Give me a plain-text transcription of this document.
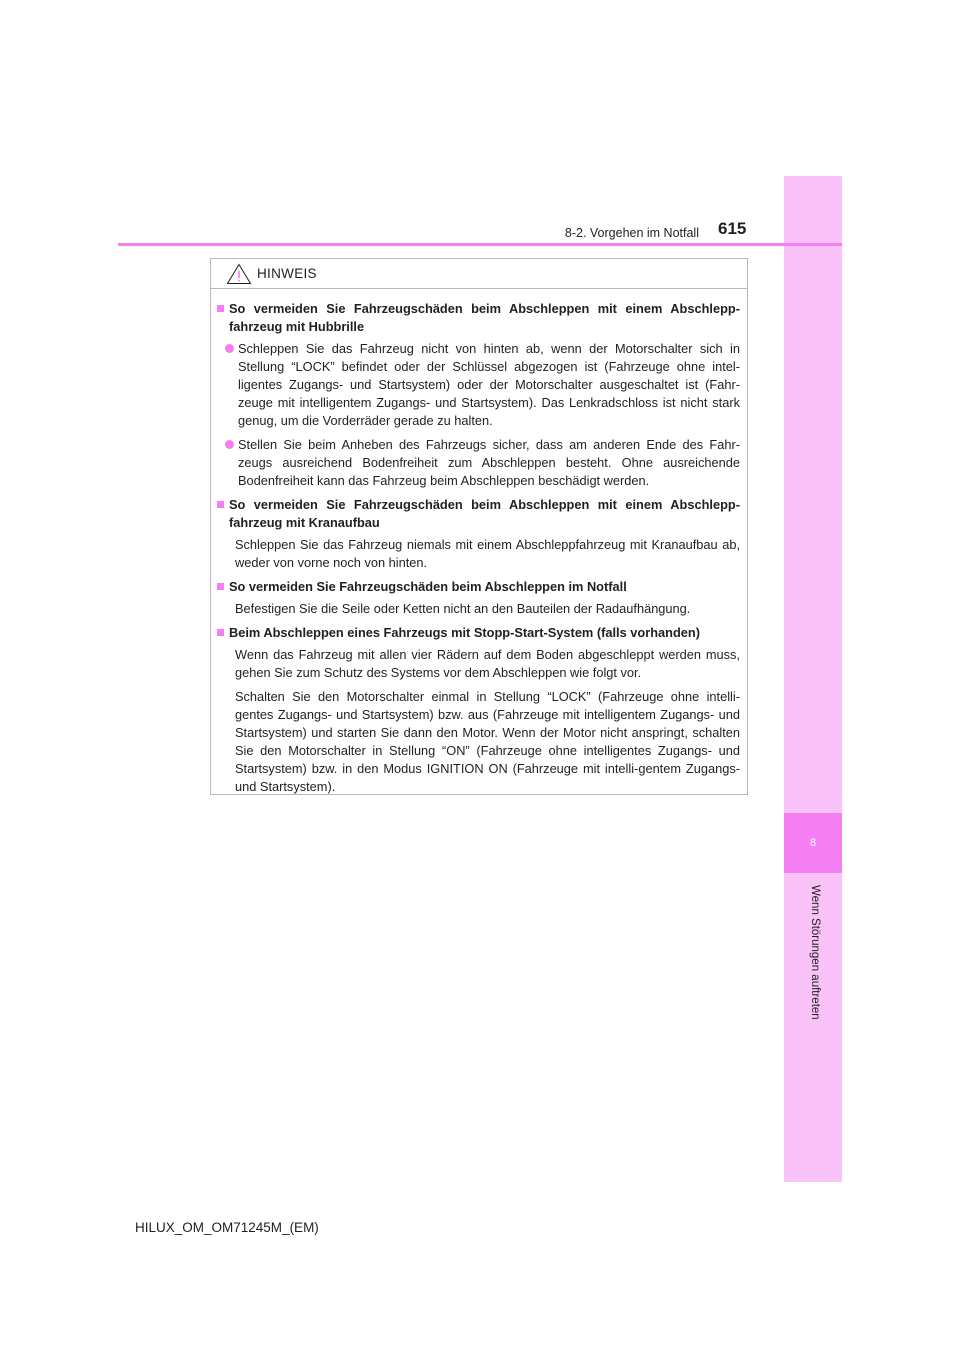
8
Wenn Störungen auftreten
8-2. Vorgehen im Notfall 615
HINWEIS
So vermeiden Sie Fahrzeugschäden beim Abschleppen mit einem Abschlepp-fahrzeug mit Hubbrille
Schleppen Sie das Fahrzeug nicht von hinten ab, wenn der Motorschalter sich in Stellung “LOCK” befindet oder der Schlüssel abgezogen ist (Fahrzeuge ohne intel-ligentes Zugangs- und Startsystem) oder der Motorschalter ausgeschaltet ist (Fahr-zeuge mit intelligentem Zugangs- und Startsystem). Das Lenkradschloss ist nicht stark genug, um die Vorderräder gerade zu halten.
Stellen Sie beim Anheben des Fahrzeugs sicher, dass am anderen Ende des Fahr-zeugs ausreichend Bodenfreiheit zum Abschleppen besteht. Ohne ausreichende Bodenfreiheit kann das Fahrzeug beim Abschleppen beschädigt werden.
So vermeiden Sie Fahrzeugschäden beim Abschleppen mit einem Abschlepp-fahrzeug mit Kranaufbau
Schleppen Sie das Fahrzeug niemals mit einem Abschleppfahrzeug mit Kranaufbau ab, weder von vorne noch von hinten.
So vermeiden Sie Fahrzeugschäden beim Abschleppen im Notfall
Befestigen Sie die Seile oder Ketten nicht an den Bauteilen der Radaufhängung.
Beim Abschleppen eines Fahrzeugs mit Stopp-Start-System (falls vorhanden)
Wenn das Fahrzeug mit allen vier Rädern auf dem Boden abgeschleppt werden muss, gehen Sie zum Schutz des Systems vor dem Abschleppen wie folgt vor.
Schalten Sie den Motorschalter einmal in Stellung “LOCK” (Fahrzeuge ohne intelli-gentes Zugangs- und Startsystem) bzw. aus (Fahrzeuge mit intelligentem Zugangs- und Startsystem) und starten Sie dann den Motor. Wenn der Motor nicht anspringt, schalten Sie den Motorschalter in Stellung “ON” (Fahrzeuge ohne intelligentes Zugangs- und Startsystem) bzw. in den Modus IGNITION ON (Fahrzeuge mit intelli-gentem Zugangs- und Startsystem).
HILUX_OM_OM71245M_(EM)
